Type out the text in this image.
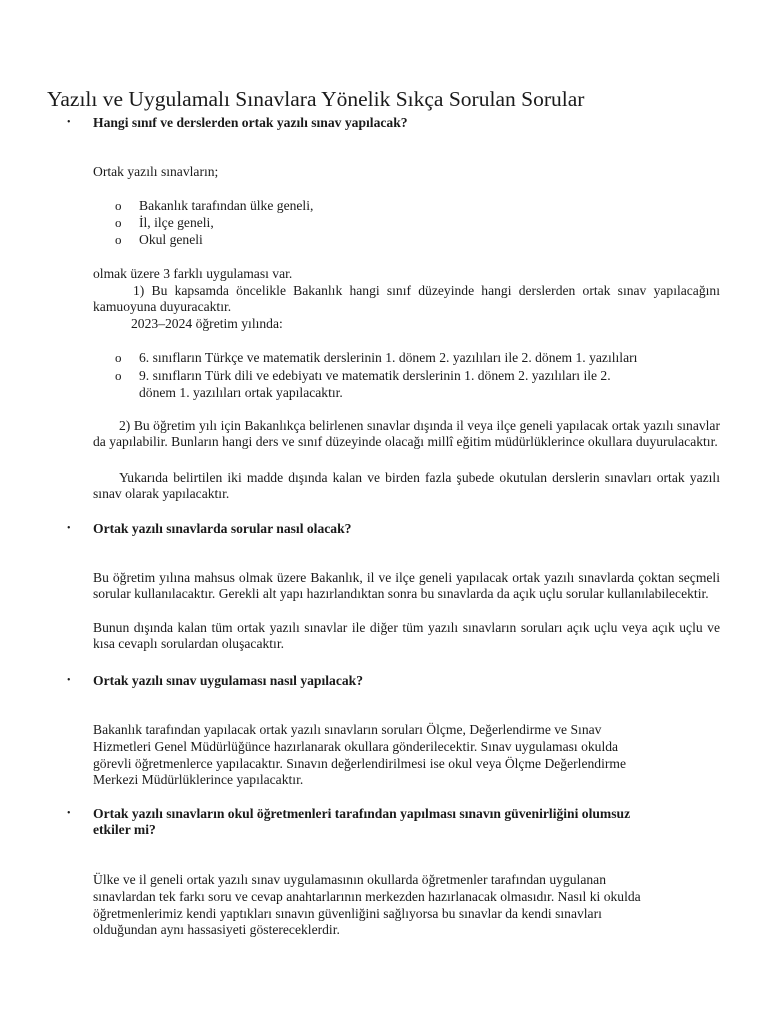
Yazılı ve Uygulamalı Sınavlara Yönelik Sıkça Sorulan Sorular
• Hangi sınıf ve derslerden ortak yazılı sınav yapılacak?
Ortak yazılı sınavların;
o Bakanlık tarafından ülke geneli,
o İl, ilçe geneli,
o Okul geneli
olmak üzere 3 farklı uygulaması var.
1) Bu kapsamda öncelikle Bakanlık hangi sınıf düzeyinde hangi derslerden ortak sınav yapılacağını kamuoyuna duyuracaktır.
2023–2024 öğretim yılında:
o 6. sınıfların Türkçe ve matematik derslerinin 1. dönem 2. yazılıları ile 2. dönem 1. yazılıları
o 9. sınıfların Türk dili ve edebiyatı ve matematik derslerinin 1. dönem 2. yazılıları ile 2.
dönem 1. yazılıları ortak yapılacaktır.
2) Bu öğretim yılı için Bakanlıkça belirlenen sınavlar dışında il veya ilçe geneli yapılacak ortak yazılı sınavlar da yapılabilir. Bunların hangi ders ve sınıf düzeyinde olacağı millî eğitim müdürlüklerince okullara duyurulacaktır.
Yukarıda belirtilen iki madde dışında kalan ve birden fazla şubede okutulan derslerin sınavları ortak yazılı sınav olarak yapılacaktır.
• Ortak yazılı sınavlarda sorular nasıl olacak?
Bu öğretim yılına mahsus olmak üzere Bakanlık, il ve ilçe geneli yapılacak ortak yazılı sınavlarda çoktan seçmeli sorular kullanılacaktır. Gerekli alt yapı hazırlandıktan sonra bu sınavlarda da açık uçlu sorular kullanılabilecektir.
Bunun dışında kalan tüm ortak yazılı sınavlar ile diğer tüm yazılı sınavların soruları açık uçlu veya açık uçlu ve kısa cevaplı sorulardan oluşacaktır.
• Ortak yazılı sınav uygulaması nasıl yapılacak?
Bakanlık tarafından yapılacak ortak yazılı sınavların soruları Ölçme, Değerlendirme ve Sınav
Hizmetleri Genel Müdürlüğünce hazırlanarak okullara gönderilecektir. Sınav uygulaması okulda
görevli öğretmenlerce yapılacaktır. Sınavın değerlendirilmesi ise okul veya Ölçme Değerlendirme
Merkezi Müdürlüklerince yapılacaktır.
• Ortak yazılı sınavların okul öğretmenleri tarafından yapılması sınavın güvenirliğini olumsuz
etkiler mi?
Ülke ve il geneli ortak yazılı sınav uygulamasının okullarda öğretmenler tarafından uygulanan
sınavlardan tek farkı soru ve cevap anahtarlarının merkezden hazırlanacak olmasıdır. Nasıl ki okulda
öğretmenlerimiz kendi yaptıkları sınavın güvenliğini sağlıyorsa bu sınavlar da kendi sınavları
olduğundan aynı hassasiyeti göstereceklerdir.
